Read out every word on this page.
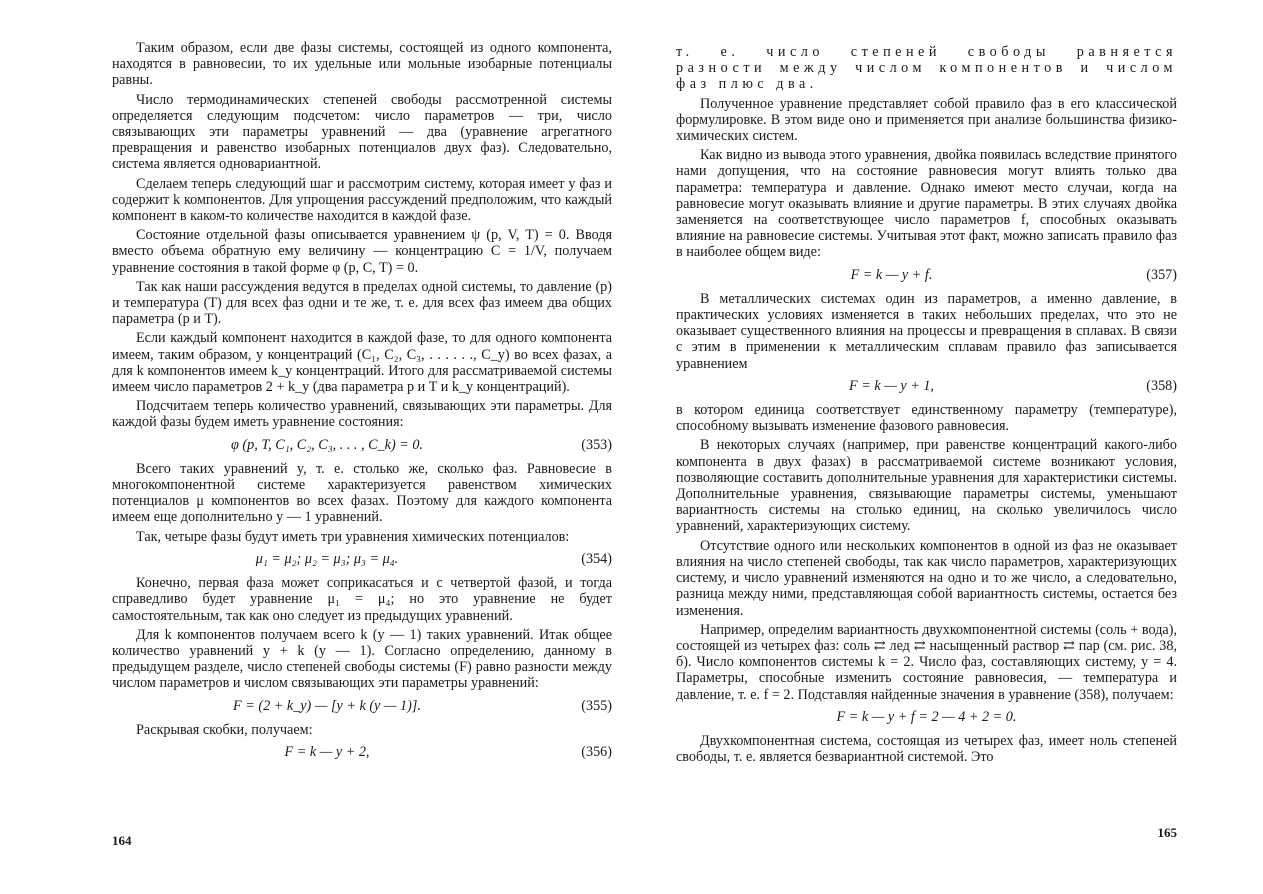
Таким образом, если две фазы системы, состоящей из одного компонента, находятся в равновесии, то их удельные или мольные изобарные потенциалы равны.

Число термодинамических степеней свободы рассмотренной системы определяется следующим подсчетом: число параметров — три, число связывающих эти параметры уравнений — два (уравнение агрегатного превращения и равенство изобарных потенциалов двух фаз). Следовательно, система является одновариантной.

Сделаем теперь следующий шаг и рассмотрим систему, которая имеет y фаз и содержит k компонентов. Для упрощения рассуждений предположим, что каждый компонент в каком-то количестве находится в каждой фазе.

Состояние отдельной фазы описывается уравнением ψ (p, V, T) = 0. Вводя вместо объема обратную ему величину — концентрацию C = 1/V, получаем уравнение состояния в такой форме φ (p, C, T) = 0.

Так как наши рассуждения ведутся в пределах одной системы, то давление (p) и температура (T) для всех фаз одни и те же, т. е. для всех фаз имеем два общих параметра (p и T).

Если каждый компонент находится в каждой фазе, то для одного компонента имеем, таким образом, y концентраций (C₁, C₂, C₃, . . . . . ., C_y) во всех фазах, а для k компонентов имеем k_y концентраций. Итого для рассматриваемой системы имеем число параметров 2 + k_y (два параметра p и T и k_y концентраций).

Подсчитаем теперь количество уравнений, связывающих эти параметры. Для каждой фазы будем иметь уравнение состояния:

φ (p, T, C₁, C₂, C₃, . . . , C_k) = 0.	(353)

Всего таких уравнений y, т. е. столько же, сколько фаз. Равновесие в многокомпонентной системе характеризуется равенством химических потенциалов μ компонентов во всех фазах. Поэтому для каждого компонента имеем еще дополнительно y — 1 уравнений.

Так, четыре фазы будут иметь три уравнения химических потенциалов:

μ₁ = μ₂; μ₂ = μ₃; μ₃ = μ₄.	(354)

Конечно, первая фаза может соприкасаться и с четвертой фазой, и тогда справедливо будет уравнение μ₁ = μ₄; но это уравнение не будет самостоятельным, так как оно следует из предыдущих уравнений.

Для k компонентов получаем всего k (y — 1) таких уравнений. Итак общее количество уравнений y + k (y — 1). Согласно определению, данному в предыдущем разделе, число степеней свободы системы (F) равно разности между числом параметров и числом связывающих эти параметры уравнений:

F = (2 + k_y) — [y + k (y — 1)].	(355)

Раскрывая скобки, получаем:

F = k — y + 2,	(356)
164

т. е. число степеней свободы равняется разности между числом компонентов и числом фаз плюс два.

Полученное уравнение представляет собой правило фаз в его классической формулировке. В этом виде оно и применяется при анализе большинства физико-химических систем.

Как видно из вывода этого уравнения, двойка появилась вследствие принятого нами допущения, что на состояние равновесия могут влиять только два параметра: температура и давление. Однако имеют место случаи, когда на равновесие могут оказывать влияние и другие параметры. В этих случаях двойка заменяется на соответствующее число параметров f, способных оказывать влияние на равновесие системы. Учитывая этот факт, можно записать правило фаз в наиболее общем виде:

F = k — y + f.	(357)

В металлических системах один из параметров, а именно давление, в практических условиях изменяется в таких небольших пределах, что это не оказывает существенного влияния на процессы и превращения в сплавах. В связи с этим в применении к металлическим сплавам правило фаз записывается уравнением

F = k — y + 1,	(358)

в котором единица соответствует единственному параметру (температуре), способному вызывать изменение фазового равновесия.

В некоторых случаях (например, при равенстве концентраций какого-либо компонента в двух фазах) в рассматриваемой системе возникают условия, позволяющие составить дополнительные уравнения для характеристики системы. Дополнительные уравнения, связывающие параметры системы, уменьшают вариантность системы на столько единиц, на сколько увеличилось число уравнений, характеризующих систему.

Отсутствие одного или нескольких компонентов в одной из фаз не оказывает влияния на число степеней свободы, так как число параметров, характеризующих систему, и число уравнений изменяются на одно и то же число, а следовательно, разница между ними, представляющая собой вариантность системы, остается без изменения.

Например, определим вариантность двухкомпонентной системы (соль + вода), состоящей из четырех фаз: соль ⇄ лед ⇄ насыщенный раствор ⇄ пар (см. рис. 38, б). Число компонентов системы k = 2. Число фаз, составляющих систему, y = 4. Параметры, способные изменить состояние равновесия, — температура и давление, т. е. f = 2. Подставляя найденные значения в уравнение (358), получаем:

F = k — y + f = 2 — 4 + 2 = 0.

Двухкомпонентная система, состоящая из четырех фаз, имеет ноль степеней свободы, т. е. является безвариантной системой. Это

165
